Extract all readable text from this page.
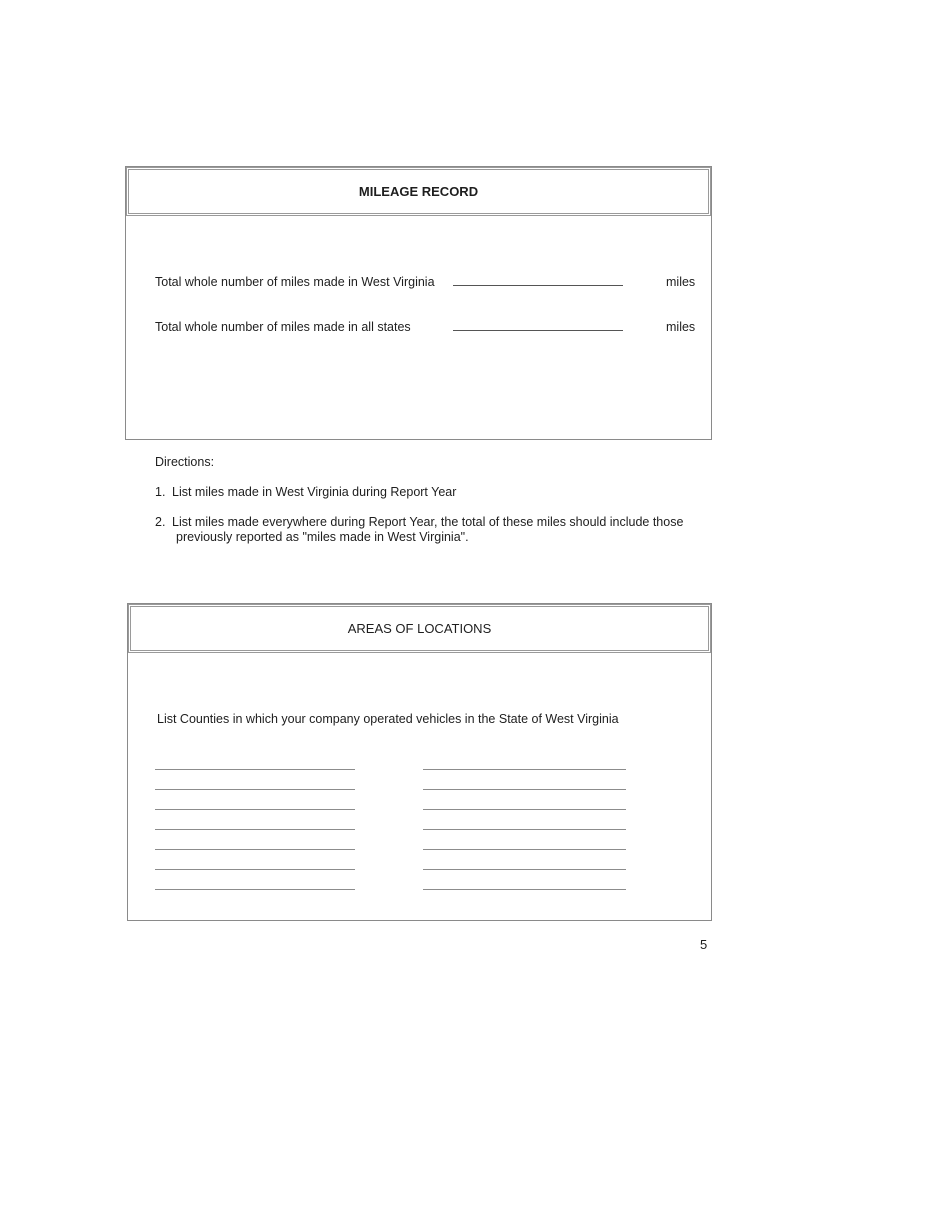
MILEAGE RECORD
Total whole number of miles made in West Virginia	miles
Total whole number of miles made in all states	miles

Directions:

1. List miles made in West Virginia during Report Year
2. List miles made everywhere during Report Year, the total of these miles should include those
previously reported as "miles made in West Virginia".
AREAS OF LOCATIONS
List Counties in which your company operated vehicles in the State of West Virginia
5
